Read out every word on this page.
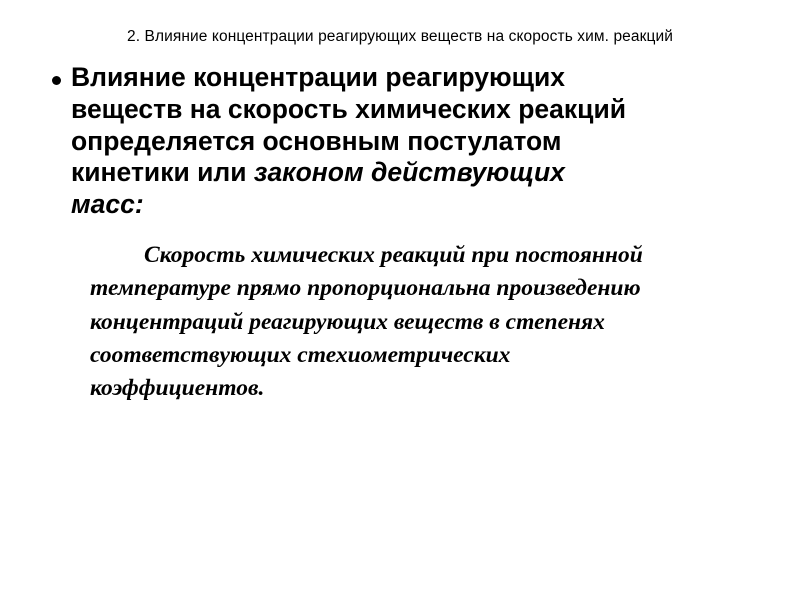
2. Влияние концентрации реагирующих веществ на скорость хим. реакций
Влияние концентрации реагирующих веществ на скорость химических реакций определяется основным постулатом кинетики или законом действующих масс:
Скорость химических реакций при постоянной температуре прямо пропорциональна произведению концентраций реагирующих веществ в степенях соответствующих стехиометрических коэффициентов.
